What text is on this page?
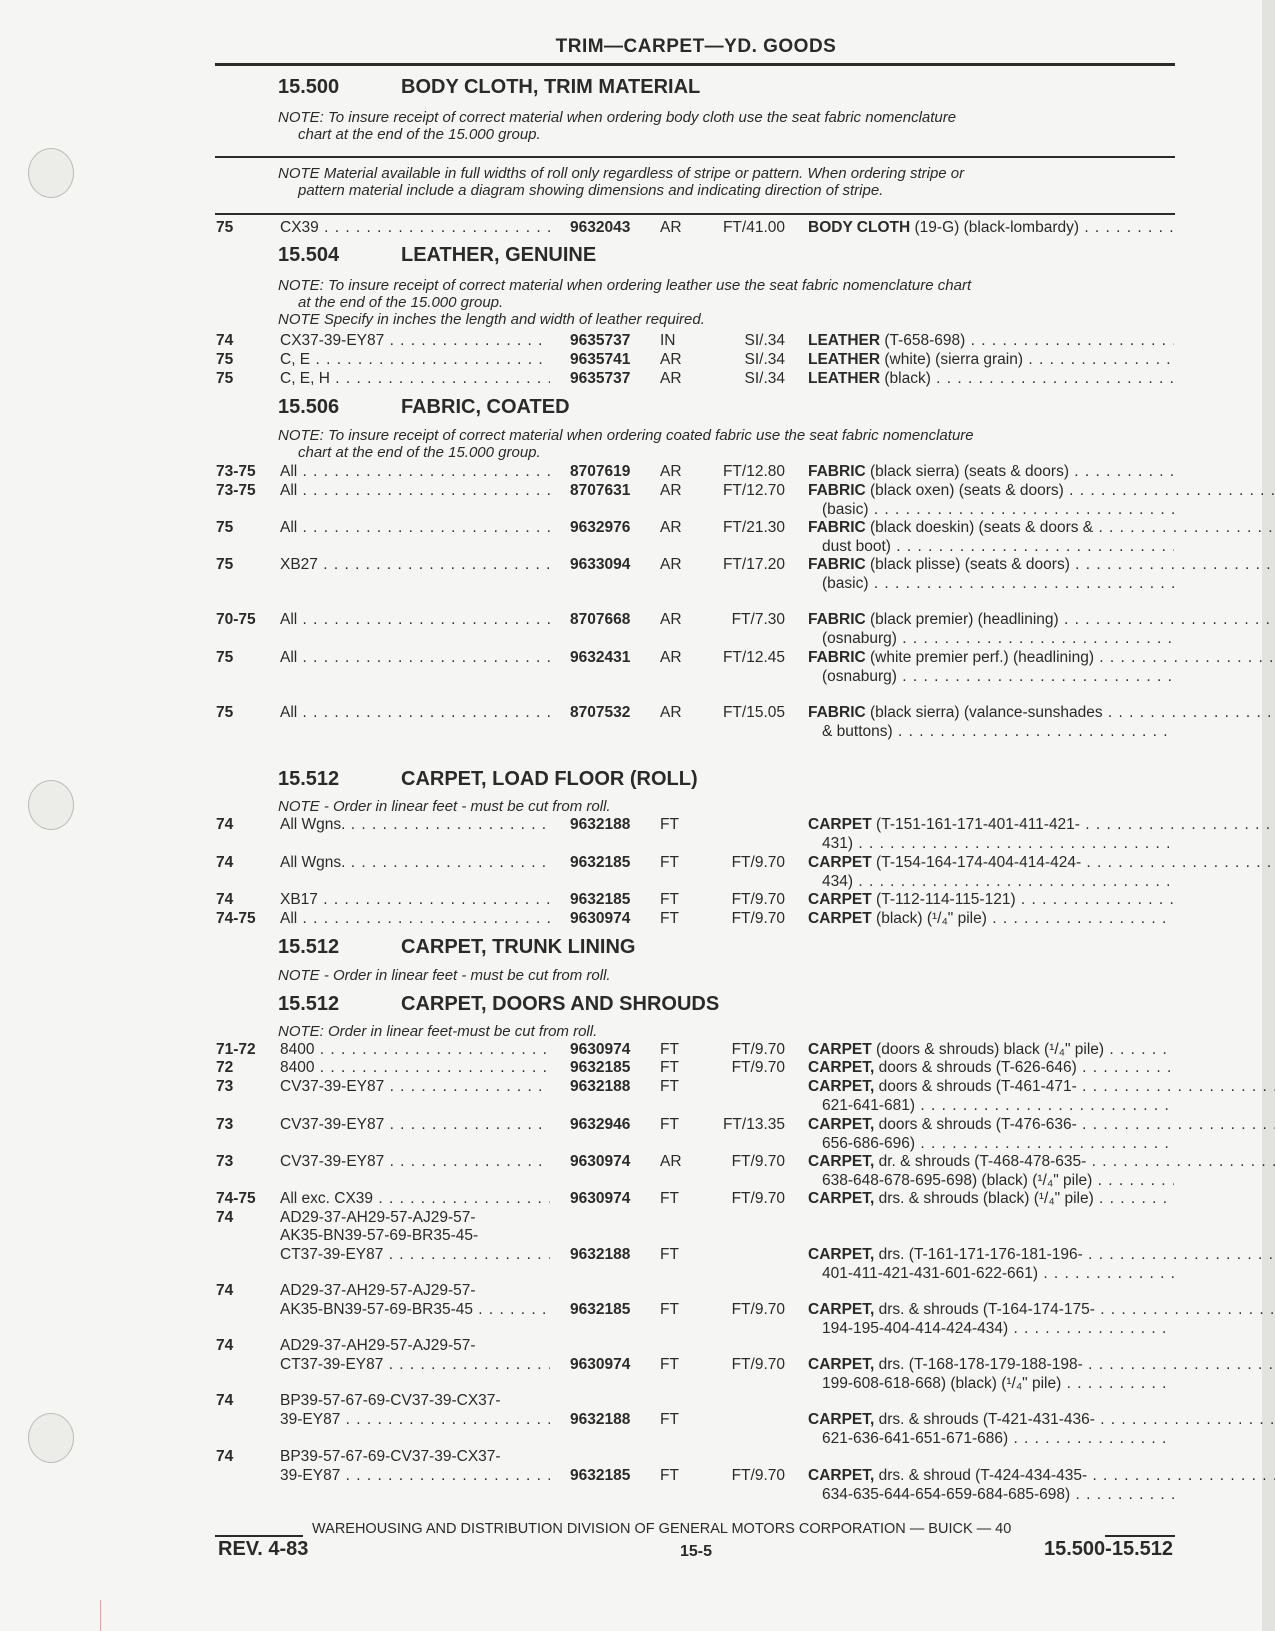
TRIM—CARPET—YD. GOODS
15.500	BODY CLOTH, TRIM MATERIAL
NOTE: To insure receipt of correct material when ordering body cloth use the seat fabric nomenclature
chart at the end of the 15.000 group.
NOTE Material available in full widths of roll only regardless of stripe or pattern. When ordering stripe or
pattern material include a diagram showing dimensions and indicating direction of stripe.
75	CX39 . . .	9632043 AR	FT/41.00 BODY CLOTH (19-G) (black-lombardy) . . .
15.504	LEATHER, GENUINE
NOTE: To insure receipt of correct material when ordering leather use the seat fabric nomenclature chart
at the end of the 15.000 group.
NOTE Specify in inches the length and width of leather required.
74	CX37-39-EY87 . . .	9635737 IN	SI/.34 LEATHER (T-658-698) . . .
75	C, E . . .	9635741 AR	SI/.34 LEATHER (white) (sierra grain) . . .
75	C, E, H . . .	9635737 AR	SI/.34 LEATHER (black) . . .
15.506	FABRIC, COATED
NOTE: To insure receipt of correct material when ordering coated fabric use the seat fabric nomenclature
chart at the end of the 15.000 group.
73-75 All . . .	8707619 AR	FT/12.80 FABRIC (black sierra) (seats & doors) . . .
73-75 All . . .	8707631 AR	FT/12.70 FABRIC (black oxen) (seats & doors) . . .
(basic) . . .
75	All . . .	9632976 AR	FT/21.30 FABRIC (black doeskin) (seats & doors & . . .
dust boot) . . .
75	XB27 . . .	9633094 AR	FT/17.20 FABRIC (black plisse) (seats & doors) . . .
(basic) . . .
70-75 All . . .	8707668 AR	FT/7.30 FABRIC (black premier) (headlining) . . .
(osnaburg) . . .
75	All . . .	9632431 AR	FT/12.45 FABRIC (white premier perf.) (headlining) . . .
(osnaburg) . . .
75	All . . .	8707532 AR	FT/15.05 FABRIC (black sierra) (valance-sunshades . . .
& buttons) . . .
15.512	CARPET, LOAD FLOOR (ROLL)
NOTE - Order in linear feet - must be cut from roll.
74	All Wgns. . . .	9632188 FT	CARPET (T-151-161-171-401-411-421- . . .
431) . . .
74	All Wgns. . . .	9632185 FT	FT/9.70 CARPET (T-154-164-174-404-414-424- . . .
434) . . .
74	XB17 . . .	9632185 FT	FT/9.70 CARPET (T-112-114-115-121) . . .
74-75 All . . .	9630974 FT	FT/9.70 CARPET (black) (¹/₄" pile) . . .
15.512	CARPET, TRUNK LINING
NOTE - Order in linear feet - must be cut from roll.
15.512	CARPET, DOORS AND SHROUDS
NOTE: Order in linear feet-must be cut from roll.
71-72 8400 . . .	9630974 FT	FT/9.70 CARPET (doors & shrouds) black (¹/₄" pile) . . .
72	8400 . . .	9632185 FT	FT/9.70 CARPET, doors & shrouds (T-626-646) . . .
73	CV37-39-EY87 . . .	9632188 FT	CARPET, doors & shrouds (T-461-471- . . .
621-641-681) . . .
73	CV37-39-EY87 . . .	9632946 FT	FT/13.35 CARPET, doors & shrouds (T-476-636- . . .
656-686-696) . . .
73	CV37-39-EY87 . . .	9630974 AR	FT/9.70 CARPET, dr. & shrouds (T-468-478-635- . . .
638-648-678-695-698) (black) (¹/₄" pile) . . .
74-75 All exc. CX39 . . .	9630974 FT	FT/9.70 CARPET, drs. & shrouds (black) (¹/₄" pile) . . .
74	AD29-37-AH29-57-AJ29-57-
AK35-BN39-57-69-BR35-45-
CT37-39-EY87 . . .	9632188 FT	CARPET, drs. (T-161-171-176-181-196- . . .
401-411-421-431-601-622-661) . . .
74	AD29-37-AH29-57-AJ29-57-
AK35-BN39-57-69-BR35-45 . . .	9632185 FT	FT/9.70 CARPET, drs. & shrouds (T-164-174-175- . . .
194-195-404-414-424-434) . . .
74	AD29-37-AH29-57-AJ29-57-
CT37-39-EY87 . . .	9630974 FT	FT/9.70 CARPET, drs. (T-168-178-179-188-198- . . .
199-608-618-668) (black) (¹/₄" pile) . . .
74	BP39-57-67-69-CV37-39-CX37-
39-EY87 . . .	9632188 FT	CARPET, drs. & shrouds (T-421-431-436- . . .
621-636-641-651-671-686) . . .
74	BP39-57-67-69-CV37-39-CX37-
39-EY87 . . .	9632185 FT	FT/9.70 CARPET, drs. & shroud (T-424-434-435- . . .
634-635-644-654-659-684-685-698) . . .
WAREHOUSING AND DISTRIBUTION DIVISION OF GENERAL MOTORS CORPORATION — BUICK — 40
REV. 4-83	15-5	15.500-15.512
